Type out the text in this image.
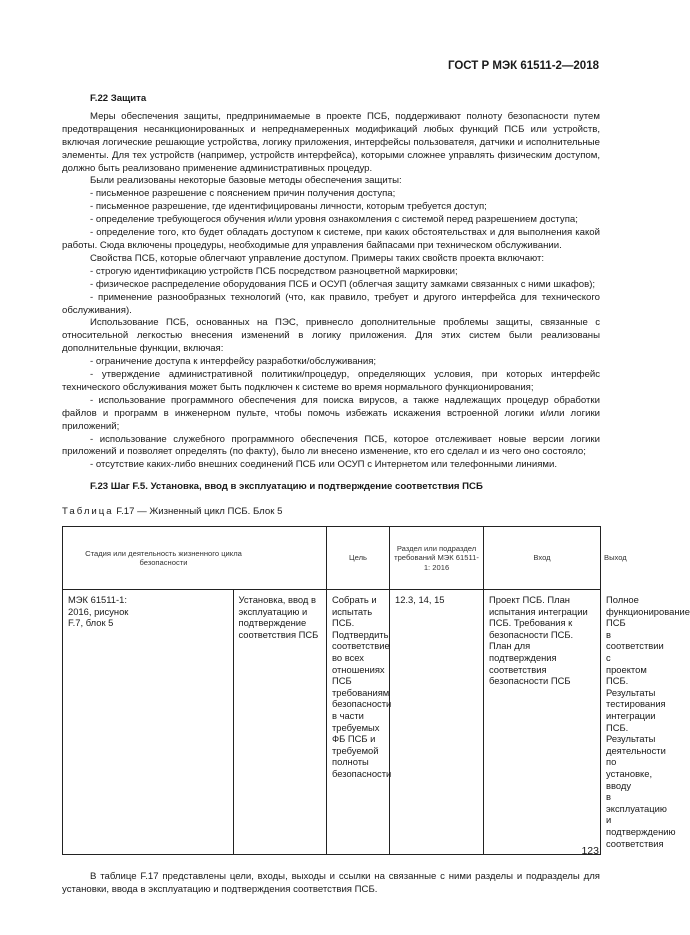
ГОСТ Р МЭК 61511-2—2018

F.22 Защита

Меры обеспечения защиты, предпринимаемые в проекте ПСБ, поддерживают полноту безопасности путем предотвращения несанкционированных и непреднамеренных модификаций любых функций ПСБ или устройств, включая логические решающие устройства, логику приложения, интерфейсы пользователя, датчики и исполнительные элементы. Для тех устройств (например, устройств интерфейса), которыми сложнее управлять физическим доступом, должно быть реализовано применение административных процедур.

Были реализованы некоторые базовые методы обеспечения защиты:

- письменное разрешение с пояснением причин получения доступа;

- письменное разрешение, где идентифицированы личности, которым требуется доступ;

- определение требующегося обучения и/или уровня ознакомления с системой перед разрешением доступа;

- определение того, кто будет обладать доступом к системе, при каких обстоятельствах и для выполнения какой работы. Сюда включены процедуры, необходимые для управления байпасами при техническом обслуживании.

Свойства ПСБ, которые облегчают управление доступом. Примеры таких свойств проекта включают:

- строгую идентификацию устройств ПСБ посредством разноцветной маркировки;

- физическое распределение оборудования ПСБ и ОСУП (облегчая защиту замками связанных с ними шкафов);

- применение разнообразных технологий (что, как правило, требует и другого интерфейса для технического обслуживания).

Использование ПСБ, основанных на ПЭС, привнесло дополнительные проблемы защиты, связанные с относительной легкостью внесения изменений в логику приложения. Для этих систем были реализованы дополнительные функции, включая:

- ограничение доступа к интерфейсу разработки/обслуживания;

- утверждение административной политики/процедур, определяющих условия, при которых интерфейс технического обслуживания может быть подключен к системе во время нормального функционирования;

- использование программного обеспечения для поиска вирусов, а также надлежащих процедур обработки файлов и программ в инженерном пульте, чтобы помочь избежать искажения встроенной логики и/или логики приложений;

- использование служебного программного обеспечения ПСБ, которое отслеживает новые версии логики приложений и позволяет определять (по факту), было ли внесено изменение, кто его сделал и из чего оно состояло;

- отсутствие каких-либо внешних соединений ПСБ или ОСУП с Интернетом или телефонными линиями.

F.23 Шаг F.5. Установка, ввод в эксплуатацию и подтверждение соответствия ПСБ

Таблица F.17 — Жизненный цикл ПСБ. Блок 5

Стадия или деятельность жизненного цикла безопасности		Цель	Раздел или подраздел требований МЭК 61511-1: 2016	Вход	Выход

МЭК 61511-1: 2016, рисунок F.7, блок 5	Установка, ввод в эксплуатацию и подтверждение соответствия ПСБ	Собрать и испытать ПСБ. Подтвердить соответствие во всех отношениях ПСБ требованиям безопасности в части требуемых ФБ ПСБ и требуемой полноты безопасности	12.3, 14, 15	Проект ПСБ. План испытания интеграции ПСБ. Требования к безопасности ПСБ. План для подтверждения соответствия безопасности ПСБ	Полное функционирование ПСБ в соответствии с проектом ПСБ. Результаты тестирования интеграции ПСБ. Результаты деятельности по установке, вводу в эксплуатацию и подтверждению соответствия

В таблице F.17 представлены цели, входы, выходы и ссылки на связанные с ними разделы и подразделы для установки, ввода в эксплуатацию и подтверждения соответствия ПСБ.

123
